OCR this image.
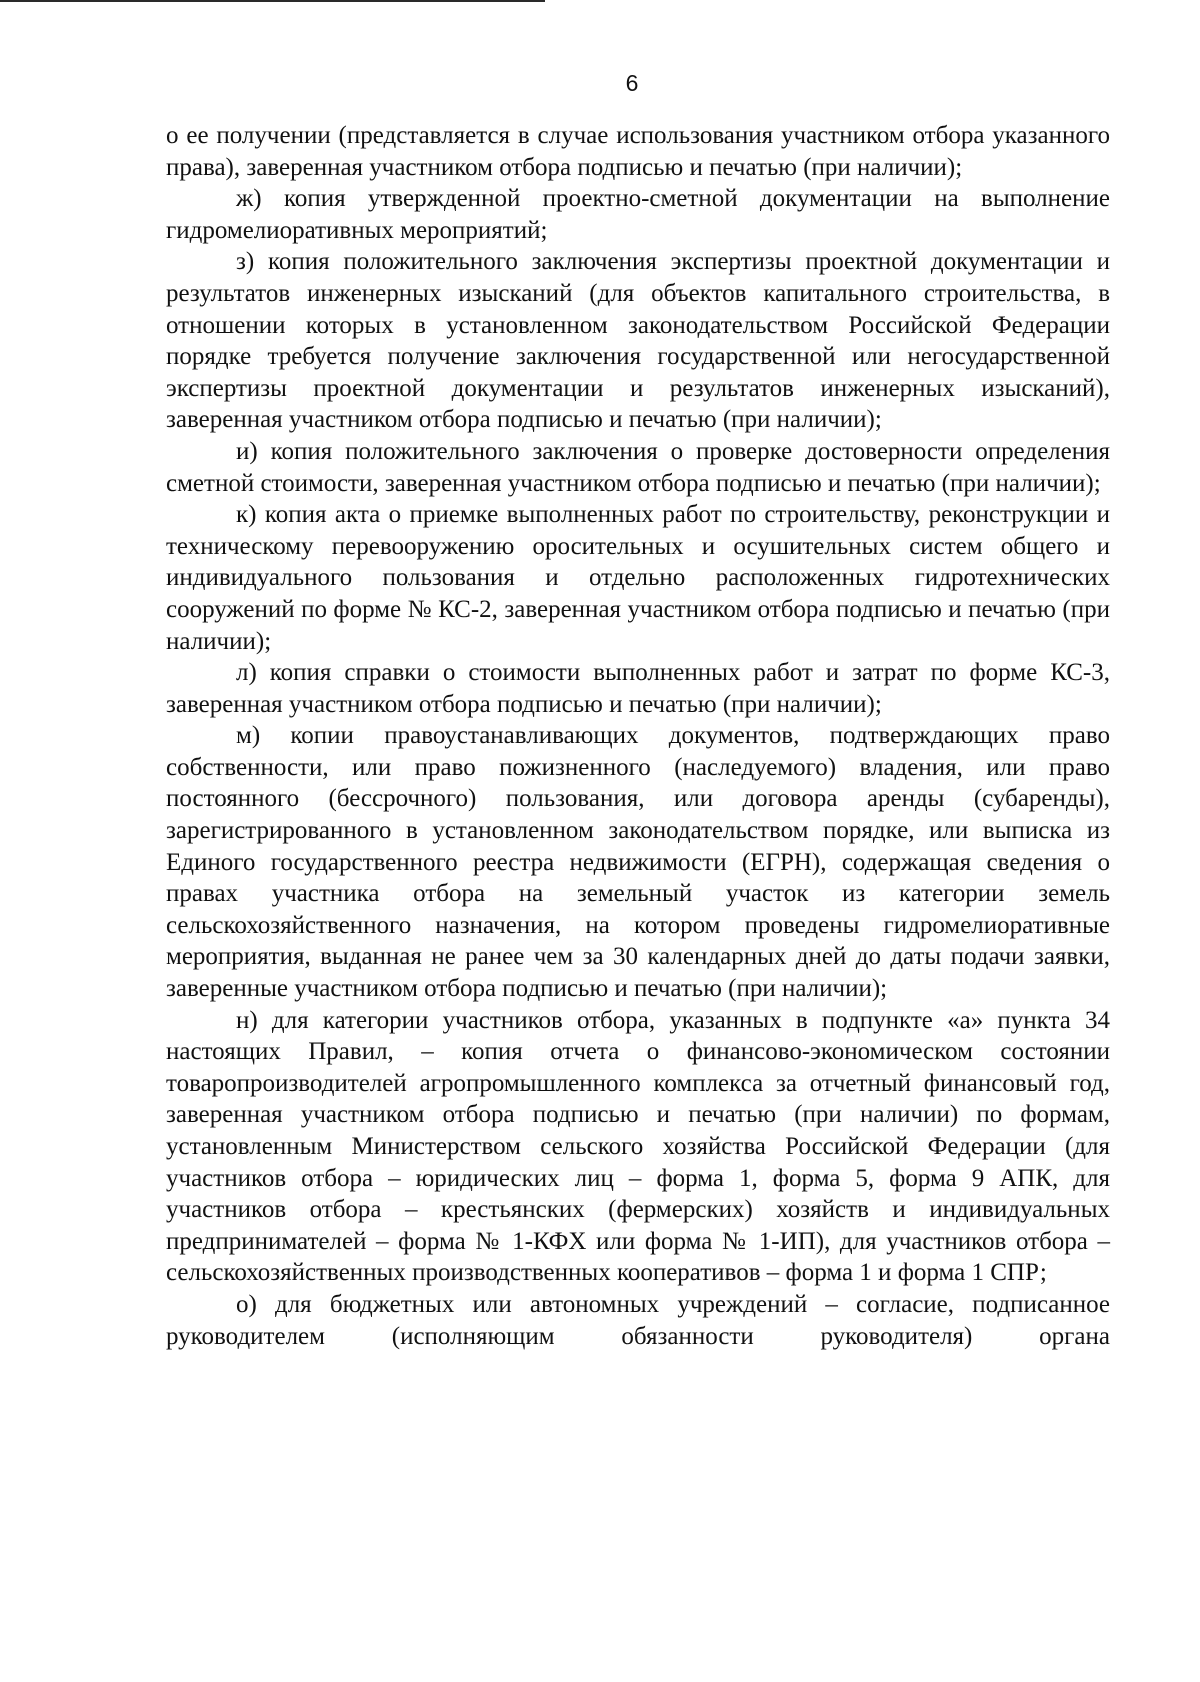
6

о ее получении (представляется в случае использования участником отбора указанного права), заверенная участником отбора подписью и печатью (при наличии);

ж) копия утвержденной проектно-сметной документации на выполнение гидромелиоративных мероприятий;

з) копия положительного заключения экспертизы проектной документации и результатов инженерных изысканий (для объектов капитального строительства, в отношении которых в установленном законодательством Российской Федерации порядке требуется получение заключения государственной или негосударственной экспертизы проектной документации и результатов инженерных изысканий), заверенная участником отбора подписью и печатью (при наличии);

и) копия положительного заключения о проверке достоверности определения сметной стоимости, заверенная участником отбора подписью и печатью (при наличии);

к) копия акта о приемке выполненных работ по строительству, реконструкции и техническому перевооружению оросительных и осушительных систем общего и индивидуального пользования и отдельно расположенных гидротехнических сооружений по форме № КС-2, заверенная участником отбора подписью и печатью (при наличии);

л) копия справки о стоимости выполненных работ и затрат по форме КС-3, заверенная участником отбора подписью и печатью (при наличии);

м) копии правоустанавливающих документов, подтверждающих право собственности, или право пожизненного (наследуемого) владения, или право постоянного (бессрочного) пользования, или договора аренды (субаренды), зарегистрированного в установленном законодательством порядке, или выписка из Единого государственного реестра недвижимости (ЕГРН), содержащая сведения о правах участника отбора на земельный участок из категории земель сельскохозяйственного назначения, на котором проведены гидромелиоративные мероприятия, выданная не ранее чем за 30 календарных дней до даты подачи заявки, заверенные участником отбора подписью и печатью (при наличии);

н) для категории участников отбора, указанных в подпункте «а» пункта 34 настоящих Правил, – копия отчета о финансово-экономическом состоянии товаропроизводителей агропромышленного комплекса за отчетный финансовый год, заверенная участником отбора подписью и печатью (при наличии) по формам, установленным Министерством сельского хозяйства Российской Федерации (для участников отбора – юридических лиц – форма 1, форма 5, форма 9 АПК, для участников отбора – крестьянских (фермерских) хозяйств и индивидуальных предпринимателей – форма № 1-КФХ или форма № 1-ИП), для участников отбора – сельскохозяйственных производственных кооперативов – форма 1 и форма 1 СПР;

о) для бюджетных или автономных учреждений – согласие, подписанное руководителем (исполняющим обязанности руководителя) органа
